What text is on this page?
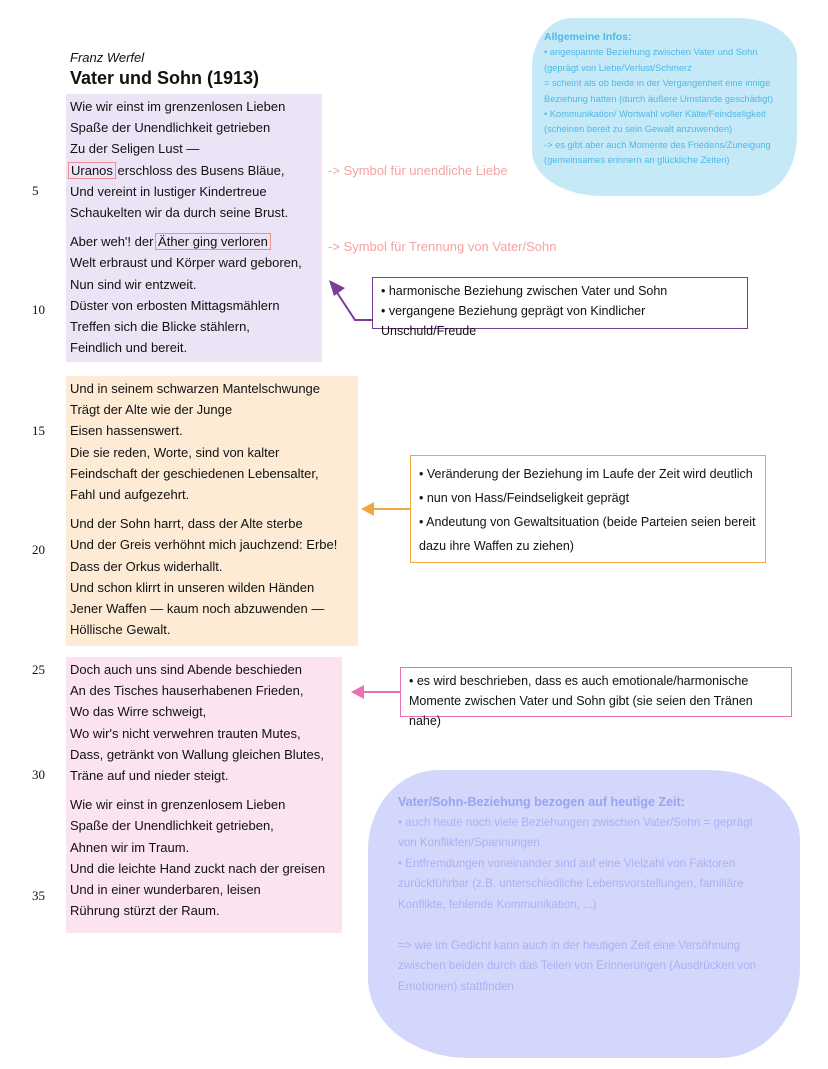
Allgemeine Infos:
• angespannte Beziehung zwischen Vater und Sohn
(geprägt von Liebe/Verlust/Schmerz
= scheint als ob beide in der Vergangenheit eine innige
Beziehung hatten (durch äußere Umstände geschädigt)
• Kommunikation/ Wortwahl voller Kälte/Feindseligkeit
(scheinen bereit zu sein Gewalt anzuwenden)
-> es gibt aber auch Momente des Friedens/Zuneigung
(gemeinsames erinnern an glückliche Zeiten)
Vater/Sohn-Beziehung bezogen auf heutige Zeit:
• auch heute noch viele Beziehungen zwischen Vater/Sohn = geprägt
von Konflikten/Spannungen
• Entfremdungen voneinander sind auf eine Vielzahl von Faktoren
zurückführbar (z.B. unterschiedliche Lebensvorstellungen, familiäre
Konflikte, fehlende Kommunikation, ...)
=> wie im Gedicht kann auch in der heutigen Zeit eine Versöhnung
zwischen beiden durch das Teilen von Erinnerungen (Ausdrücken von
Emotionen) stattfinden
Franz Werfel
Vater und Sohn (1913)
Wie wir einst im grenzenlosen Lieben
Spaße der Unendlichkeit getrieben
Zu der Seligen Lust —
Uranos erschloss des Busens Bläue,
Und vereint in lustiger Kindertreue
Schaukelten wir da durch seine Brust.
Aber weh'! der Äther ging verloren
Welt erbraust und Körper ward geboren,
Nun sind wir entzweit.
Düster von erbosten Mittagsmählern
Treffen sich die Blicke stählern,
Feindlich und bereit.
Und in seinem schwarzen Mantelschwunge
Trägt der Alte wie der Junge
Eisen hassenswert.
Die sie reden, Worte, sind von kalter
Feindschaft der geschiedenen Lebensalter,
Fahl und aufgezehrt.
Und der Sohn harrt, dass der Alte sterbe
Und der Greis verhöhnt mich jauchzend: Erbe!
Dass der Orkus widerhallt.
Und schon klirrt in unseren wilden Händen
Jener Waffen — kaum noch abzuwenden —
Höllische Gewalt.
Doch auch uns sind Abende beschieden
An des Tisches hauserhabenen Frieden,
Wo das Wirre schweigt,
Wo wir's nicht verwehren trauten Mutes,
Dass, getränkt von Wallung gleichen Blutes,
Träne auf und nieder steigt.
Wie wir einst in grenzenlosem Lieben
Spaße der Unendlichkeit getrieben,
Ahnen wir im Traum.
Und die leichte Hand zuckt nach der greisen
Und in einer wunderbaren, leisen
Rührung stürzt der Raum.
5
10
15
20
25
30
35
-> Symbol für unendliche Liebe
-> Symbol für Trennung von Vater/Sohn
• harmonische Beziehung zwischen Vater und Sohn
• vergangene Beziehung geprägt von Kindlicher Unschuld/Freude
• Veränderung der Beziehung im Laufe der Zeit wird deutlich
• nun von Hass/Feindseligkeit geprägt
• Andeutung von Gewaltsituation (beide Parteien seien bereit
dazu ihre Waffen zu ziehen)
• es wird beschrieben, dass es auch emotionale/harmonische
Momente zwischen Vater und Sohn gibt (sie seien den Tränen nahe)
